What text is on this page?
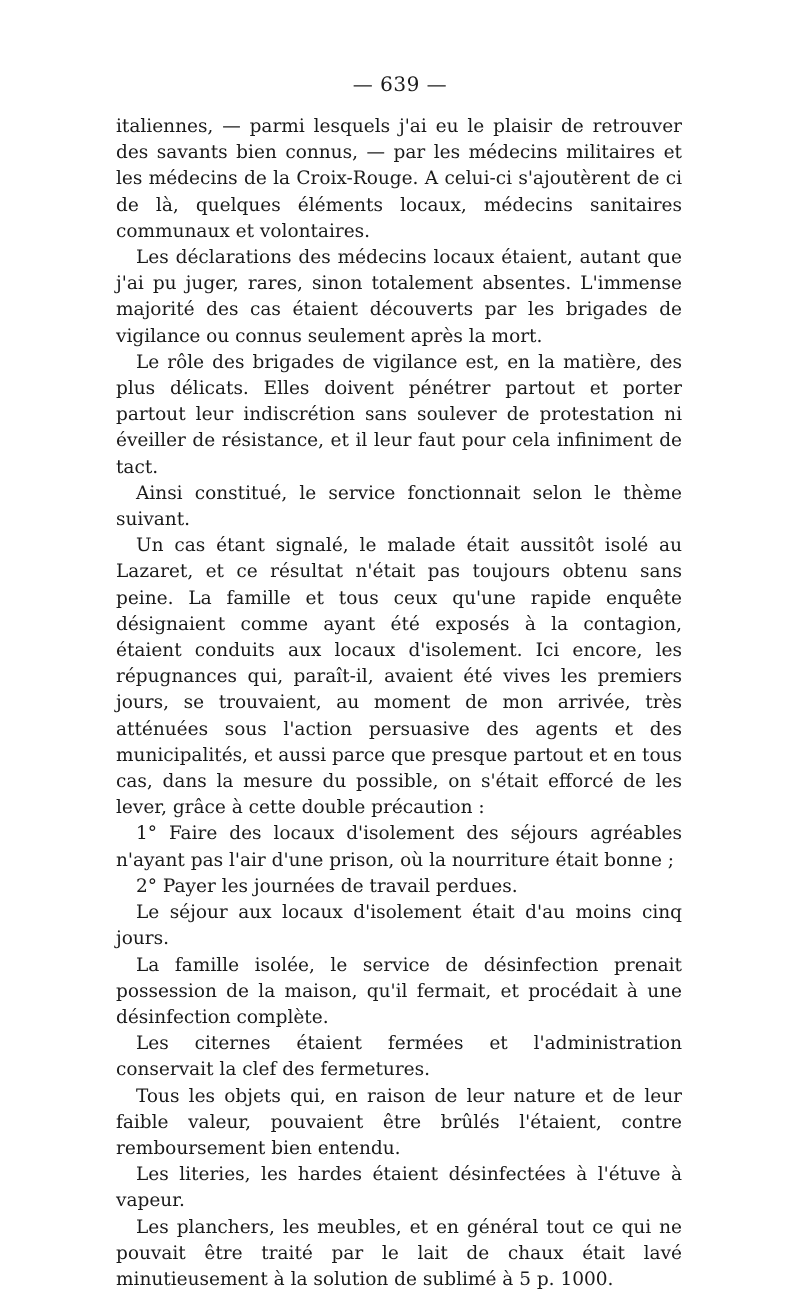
— 639 —

italiennes, — parmi lesquels j'ai eu le plaisir de retrouver des savants bien connus, — par les médecins militaires et les médecins de la Croix-Rouge. A celui-ci s'ajoutèrent de ci de là, quelques éléments locaux, médecins sanitaires communaux et volontaires.

Les déclarations des médecins locaux étaient, autant que j'ai pu juger, rares, sinon totalement absentes. L'immense majorité des cas étaient découverts par les brigades de vigilance ou connus seulement après la mort.

Le rôle des brigades de vigilance est, en la matière, des plus délicats. Elles doivent pénétrer partout et porter partout leur indiscrétion sans soulever de protestation ni éveiller de résistance, et il leur faut pour cela infiniment de tact.

Ainsi constitué, le service fonctionnait selon le thème suivant.

Un cas étant signalé, le malade était aussitôt isolé au Lazaret, et ce résultat n'était pas toujours obtenu sans peine. La famille et tous ceux qu'une rapide enquête désignaient comme ayant été exposés à la contagion, étaient conduits aux locaux d'isolement. Ici encore, les répugnances qui, paraît-il, avaient été vives les premiers jours, se trouvaient, au moment de mon arrivée, très atténuées sous l'action persuasive des agents et des municipalités, et aussi parce que presque partout et en tous cas, dans la mesure du possible, on s'était efforcé de les lever, grâce à cette double précaution :

1° Faire des locaux d'isolement des séjours agréables n'ayant pas l'air d'une prison, où la nourriture était bonne ;

2° Payer les journées de travail perdues.

Le séjour aux locaux d'isolement était d'au moins cinq jours.

La famille isolée, le service de désinfection prenait possession de la maison, qu'il fermait, et procédait à une désinfection complète.

Les citernes étaient fermées et l'administration conservait la clef des fermetures.

Tous les objets qui, en raison de leur nature et de leur faible valeur, pouvaient être brûlés l'étaient, contre remboursement bien entendu.

Les literies, les hardes étaient désinfectées à l'étuve à vapeur.

Les planchers, les meubles, et en général tout ce qui ne pouvait être traité par le lait de chaux était lavé minutieusement à la solution de sublimé à 5 p. 1000.
